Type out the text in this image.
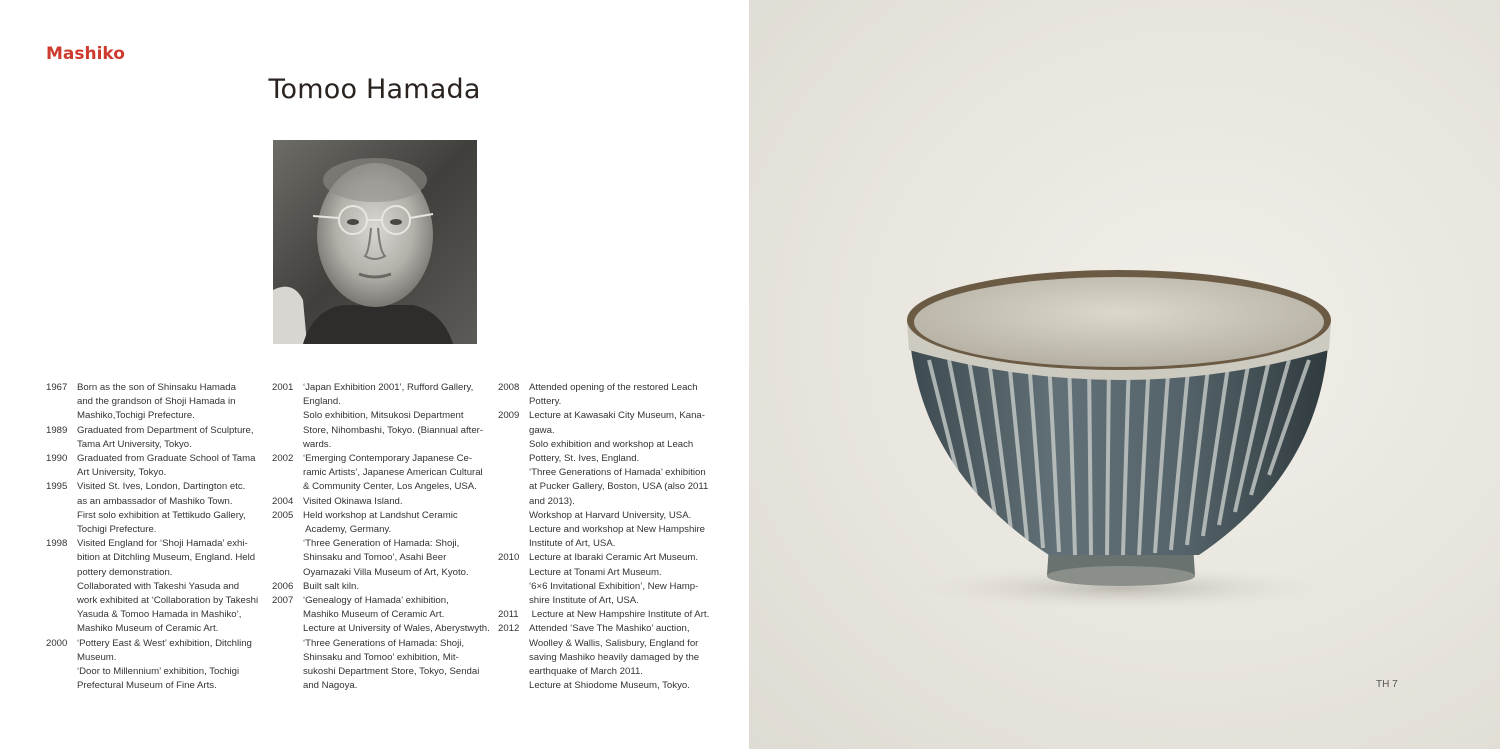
Mashiko
Tomoo Hamada
1967	Born as the son of Shinsaku Hamada
and the grandson of Shoji Hamada in
Mashiko,Tochigi Prefecture.
1989	Graduated from Department of Sculpture,
Tama Art University, Tokyo.
1990	Graduated from Graduate School of Tama
Art University, Tokyo.
1995	Visited St. Ives, London, Dartington etc.
as an ambassador of Mashiko Town.
First solo exhibition at Tettikudo Gallery,
Tochigi Prefecture.
1998	Visited England for ‘Shoji Hamada’ exhi-
bition at Ditchling Museum, England. Held
pottery demonstration.
Collaborated with Takeshi Yasuda and
work exhibited at ‘Collaboration by Takeshi
Yasuda & Tomoo Hamada in Mashiko’,
Mashiko Museum of Ceramic Art.
2000	‘Pottery East & West’ exhibition, Ditchling
Museum.
‘Door to Millennium’ exhibition, Tochigi
Prefectural Museum of Fine Arts.
2001	‘Japan Exhibition 2001’, Rufford Gallery,
England.
Solo exhibition, Mitsukosi Department
Store, Nihombashi, Tokyo. (Biannual after-
wards.
2002	‘Emerging Contemporary Japanese Ce-
ramic Artists’, Japanese American Cultural
& Community Center, Los Angeles, USA.
2004	Visited Okinawa Island.
2005	Held workshop at Landshut Ceramic
Academy, Germany.
‘Three Generation of Hamada: Shoji,
Shinsaku and Tomoo’, Asahi Beer
Oyamazaki Villa Museum of Art, Kyoto.
2006	Built salt kiln.
2007	‘Genealogy of Hamada’ exhibition,
Mashiko Museum of Ceramic Art.
Lecture at University of Wales, Aberystwyth.
‘Three Generations of Hamada: Shoji,
Shinsaku and Tomoo’ exhibition, Mit-
sukoshi Department Store, Tokyo, Sendai
and Nagoya.
2008	Attended opening of the restored Leach
Pottery.
2009	Lecture at Kawasaki City Museum, Kana-
gawa.
Solo exhibition and workshop at Leach
Pottery, St. Ives, England.
‘Three Generations of Hamada’ exhibition
at Pucker Gallery, Boston, USA (also 2011
and 2013).
Workshop at Harvard University, USA.
Lecture and workshop at New Hampshire
Institute of Art, USA.
2010	Lecture at Ibaraki Ceramic Art Museum.
Lecture at Tonami Art Museum.
‘6×6 Invitational Exhibition’, New Hamp-
shire Institute of Art, USA.
2011	Lecture at New Hampshire Institute of Art.
2012	Attended ‘Save The Mashiko’ auction,
Woolley & Wallis, Salisbury, England for
saving Mashiko heavily damaged by the
earthquake of March 2011.
Lecture at Shiodome Museum, Tokyo.	TH 7
